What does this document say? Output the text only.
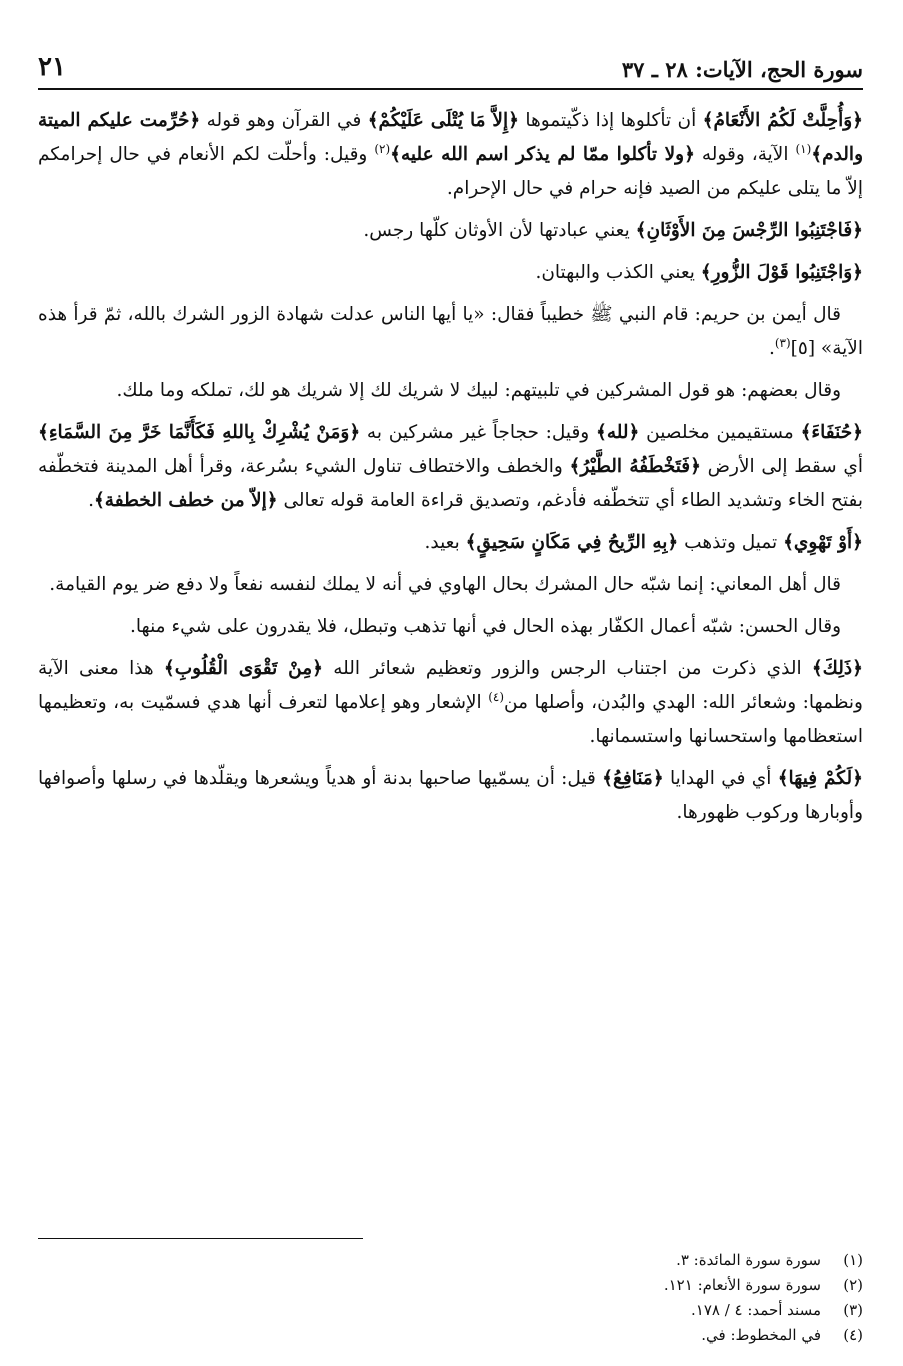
سورة الحج، الآيات: ٢٨ ـ ٣٧
٢١

﴿وَأُحِلَّتْ لَكُمُ الأَنْعَامُ﴾ أن تأكلوها إذا ذكّيتموها ﴿إِلاَّ مَا يُتْلَى عَلَيْكُمْ﴾ في القرآن وهو قوله ﴿حُرِّمت عليكم الميتة والدم﴾$^{(١)}$ الآية، وقوله ﴿ولا تأكلوا ممّا لم يذكر اسم الله عليه﴾$^{(٢)}$ وقيل: وأحلّت لكم الأنعام في حال إحرامكم إلاّ ما يتلى عليكم من الصيد فإنه حرام في حال الإحرام.

﴿فَاجْتَنِبُوا الرِّجْسَ مِنَ الأَوْثَانِ﴾ يعني عبادتها لأن الأوثان كلّها رجس.

﴿وَاجْتَنِبُوا قَوْلَ الزُّورِ﴾ يعني الكذب والبهتان.

قال أيمن بن حريم: قام النبي ﷺ خطيباً فقال: «يا أيها الناس عدلت شهادة الزور الشرك بالله، ثمّ قرأ هذه الآية» [٥]$^{(٣)}$.

وقال بعضهم: هو قول المشركين في تلبيتهم: لبيك لا شريك لك إلا شريك هو لك، تملكه وما ملك.

﴿حُنَفَاءَ﴾ مستقيمين مخلصين ﴿لله﴾ وقيل: حجاجاً غير مشركين به ﴿وَمَنْ يُشْرِكْ بِاللهِ فَكَأَنَّمَا خَرَّ مِنَ السَّمَاءِ﴾ أي سقط إلى الأرض ﴿فَتَخْطَفُهُ الطَّيْرُ﴾ والخطف والاختطاف تناول الشيء بسُرعة، وقرأ أهل المدينة فتخطّفه بفتح الخاء وتشديد الطاء أي تتخطّفه فأدغم، وتصديق قراءة العامة قوله تعالى ﴿إلاّ من خطف الخطفة﴾.

﴿أَوْ تَهْوِي﴾ تميل وتذهب ﴿بِهِ الرِّيحُ فِي مَكَانٍ سَحِيقٍ﴾ بعيد.

قال أهل المعاني: إنما شبّه حال المشرك بحال الهاوي في أنه لا يملك لنفسه نفعاً ولا دفع ضر يوم القيامة.

وقال الحسن: شبّه أعمال الكفّار بهذه الحال في أنها تذهب وتبطل، فلا يقدرون على شيء منها.

﴿ذَلِكَ﴾ الذي ذكرت من اجتناب الرجس والزور وتعظيم شعائر الله ﴿مِنْ تَقْوَى الْقُلُوبِ﴾ هذا معنى الآية ونظمها: وشعائر الله: الهدي والبُدن، وأصلها من$^{(٤)}$ الإشعار وهو إعلامها لتعرف أنها هدي فسمّيت به، وتعظيمها استعظامها واستحسانها واستسمانها.

﴿لَكُمْ فِيهَا﴾ أي في الهدايا ﴿مَنَافِعُ﴾ قيل: أن يسمّيها صاحبها بدنة أو هدياً ويشعرها ويقلّدها في رسلها وأصوافها وأوبارها وركوب ظهورها.

(١)
سورة سورة المائدة: ٣.
(٢)
سورة سورة الأنعام: ١٢١.
(٣)
مسند أحمد: ٤ / ١٧٨.
(٤)
في المخطوط: في.
